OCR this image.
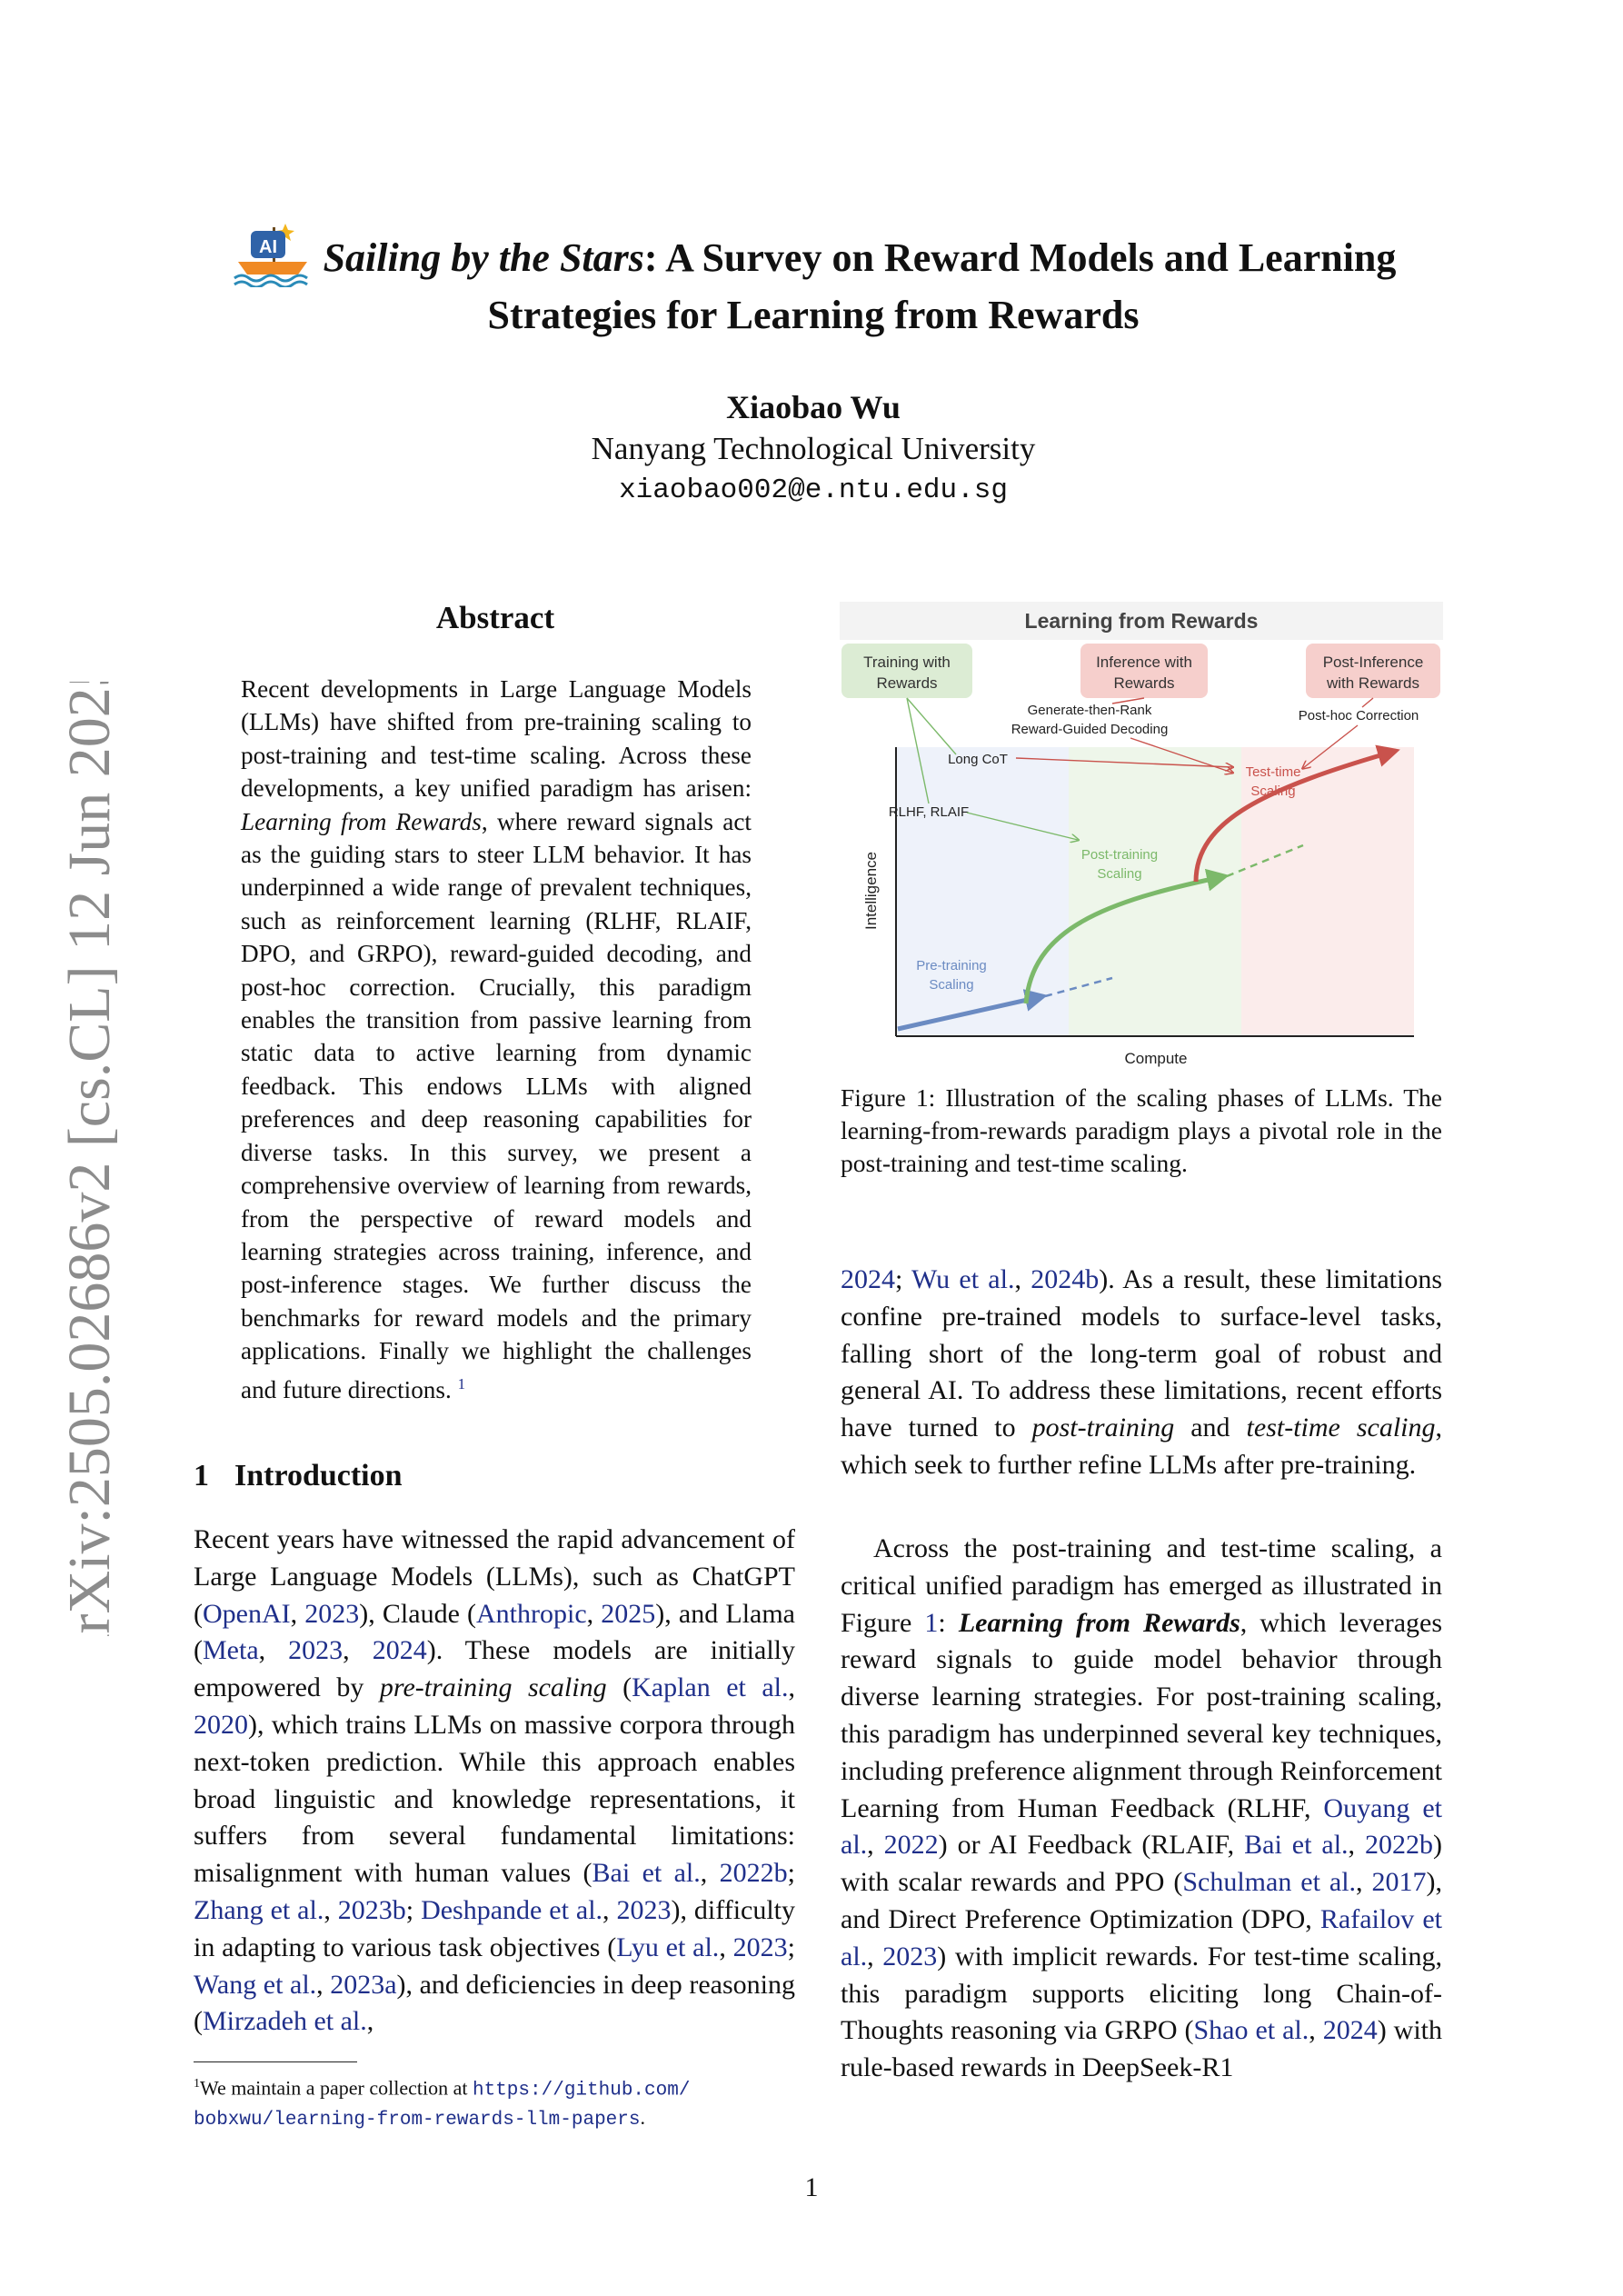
arXiv:2505.02686v2 [cs.CL] 12 Jun 2025
AI Sailing by the Stars: A Survey on Reward Models and Learning
Strategies for Learning from Rewards
Xiaobao Wu
Nanyang Technological University
xiaobao002@e.ntu.edu.sg
Abstract
Recent developments in Large Language Models (LLMs) have shifted from pre-training scaling to post-training and test-time scaling. Across these developments, a key unified paradigm has arisen: Learning from Rewards, where reward signals act as the guiding stars to steer LLM behavior. It has underpinned a wide range of prevalent techniques, such as reinforcement learning (RLHF, RLAIF, DPO, and GRPO), reward-guided decoding, and post-hoc correction. Crucially, this paradigm enables the transition from passive learning from static data to active learning from dynamic feedback. This endows LLMs with aligned preferences and deep reasoning capabilities for diverse tasks. In this survey, we present a comprehensive overview of learning from rewards, from the perspective of reward models and learning strategies across training, inference, and post-inference stages. We further discuss the benchmarks for reward models and the primary applications. Finally we highlight the challenges and future directions. $^1$
1 Introduction
Recent years have witnessed the rapid advancement of Large Language Models (LLMs), such as ChatGPT (OpenAI, 2023), Claude (Anthropic, 2025), and Llama (Meta, 2023, 2024). These models are initially empowered by pre-training scaling (Kaplan et al., 2020), which trains LLMs on massive corpora through next-token prediction. While this approach enables broad linguistic and knowledge representations, it suffers from several fundamental limitations: misalignment with human values (Bai et al., 2022b; Zhang et al., 2023b; Deshpande et al., 2023), difficulty in adapting to various task objectives (Lyu et al., 2023; Wang et al., 2023a), and deficiencies in deep reasoning (Mirzadeh et al.,
$^1$We maintain a paper collection at https://github.com/
bobxwu/learning-from-rewards-llm-papers.
Learning from Rewards
Training with
Rewards
Inference with
Rewards
Post-Inference
with Rewards
Generate-then-Rank
Reward-Guided Decoding
Post-hoc Correction
Long CoT
RLHF, RLAIF
Test-time
Scaling
Post-training
Scaling
Pre-training
Scaling
Intelligence
Compute
Figure 1: Illustration of the scaling phases of LLMs. The learning-from-rewards paradigm plays a pivotal role in the post-training and test-time scaling.
2024; Wu et al., 2024b). As a result, these limitations confine pre-trained models to surface-level tasks, falling short of the long-term goal of robust and general AI. To address these limitations, recent efforts have turned to post-training and test-time scaling, which seek to further refine LLMs after pre-training.
Across the post-training and test-time scaling, a critical unified paradigm has emerged as illustrated in Figure 1: Learning from Rewards, which leverages reward signals to guide model behavior through diverse learning strategies. For post-training scaling, this paradigm has underpinned several key techniques, including preference alignment through Reinforcement Learning from Human Feedback (RLHF, Ouyang et al., 2022) or AI Feedback (RLAIF, Bai et al., 2022b) with scalar rewards and PPO (Schulman et al., 2017), and Direct Preference Optimization (DPO, Rafailov et al., 2023) with implicit rewards. For test-time scaling, this paradigm supports eliciting long Chain-of-Thoughts reasoning via GRPO (Shao et al., 2024) with rule-based rewards in DeepSeek-R1
1
